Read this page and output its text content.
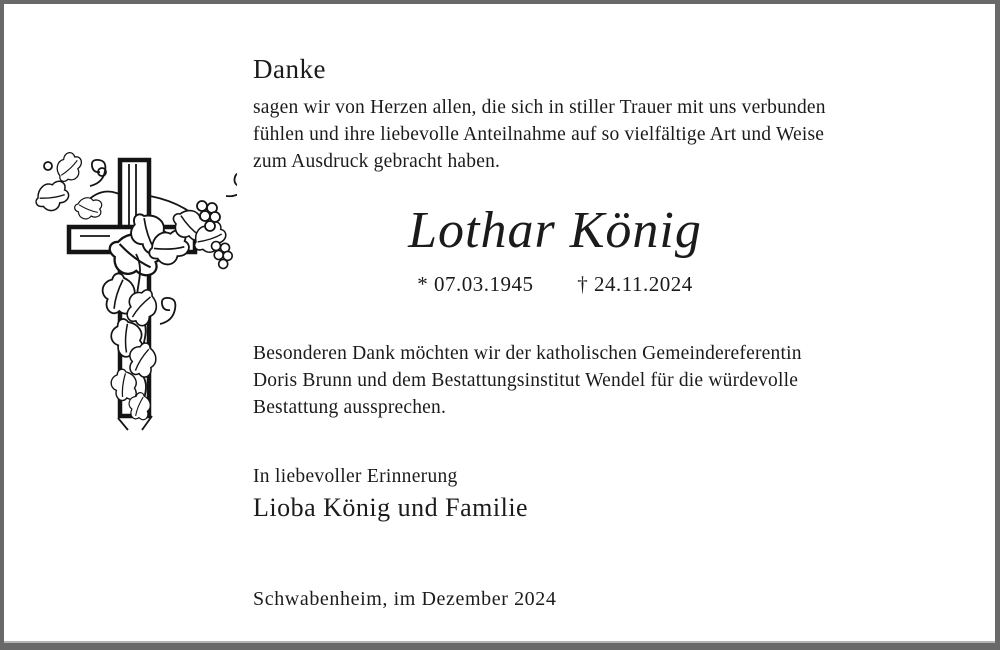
Danke
sagen wir von Herzen allen, die sich in stiller Trauer mit uns verbunden
fühlen und ihre liebevolle Anteilnahme auf so vielfältige Art und Weise
zum Ausdruck gebracht haben.
Lothar König
* 07.03.1945 † 24.11.2024
Besonderen Dank möchten wir der katholischen Gemeindereferentin
Doris Brunn und dem Bestattungsinstitut Wendel für die würdevolle
Bestattung aussprechen.
In liebevoller Erinnerung
Lioba König und Familie
Schwabenheim, im Dezember 2024
